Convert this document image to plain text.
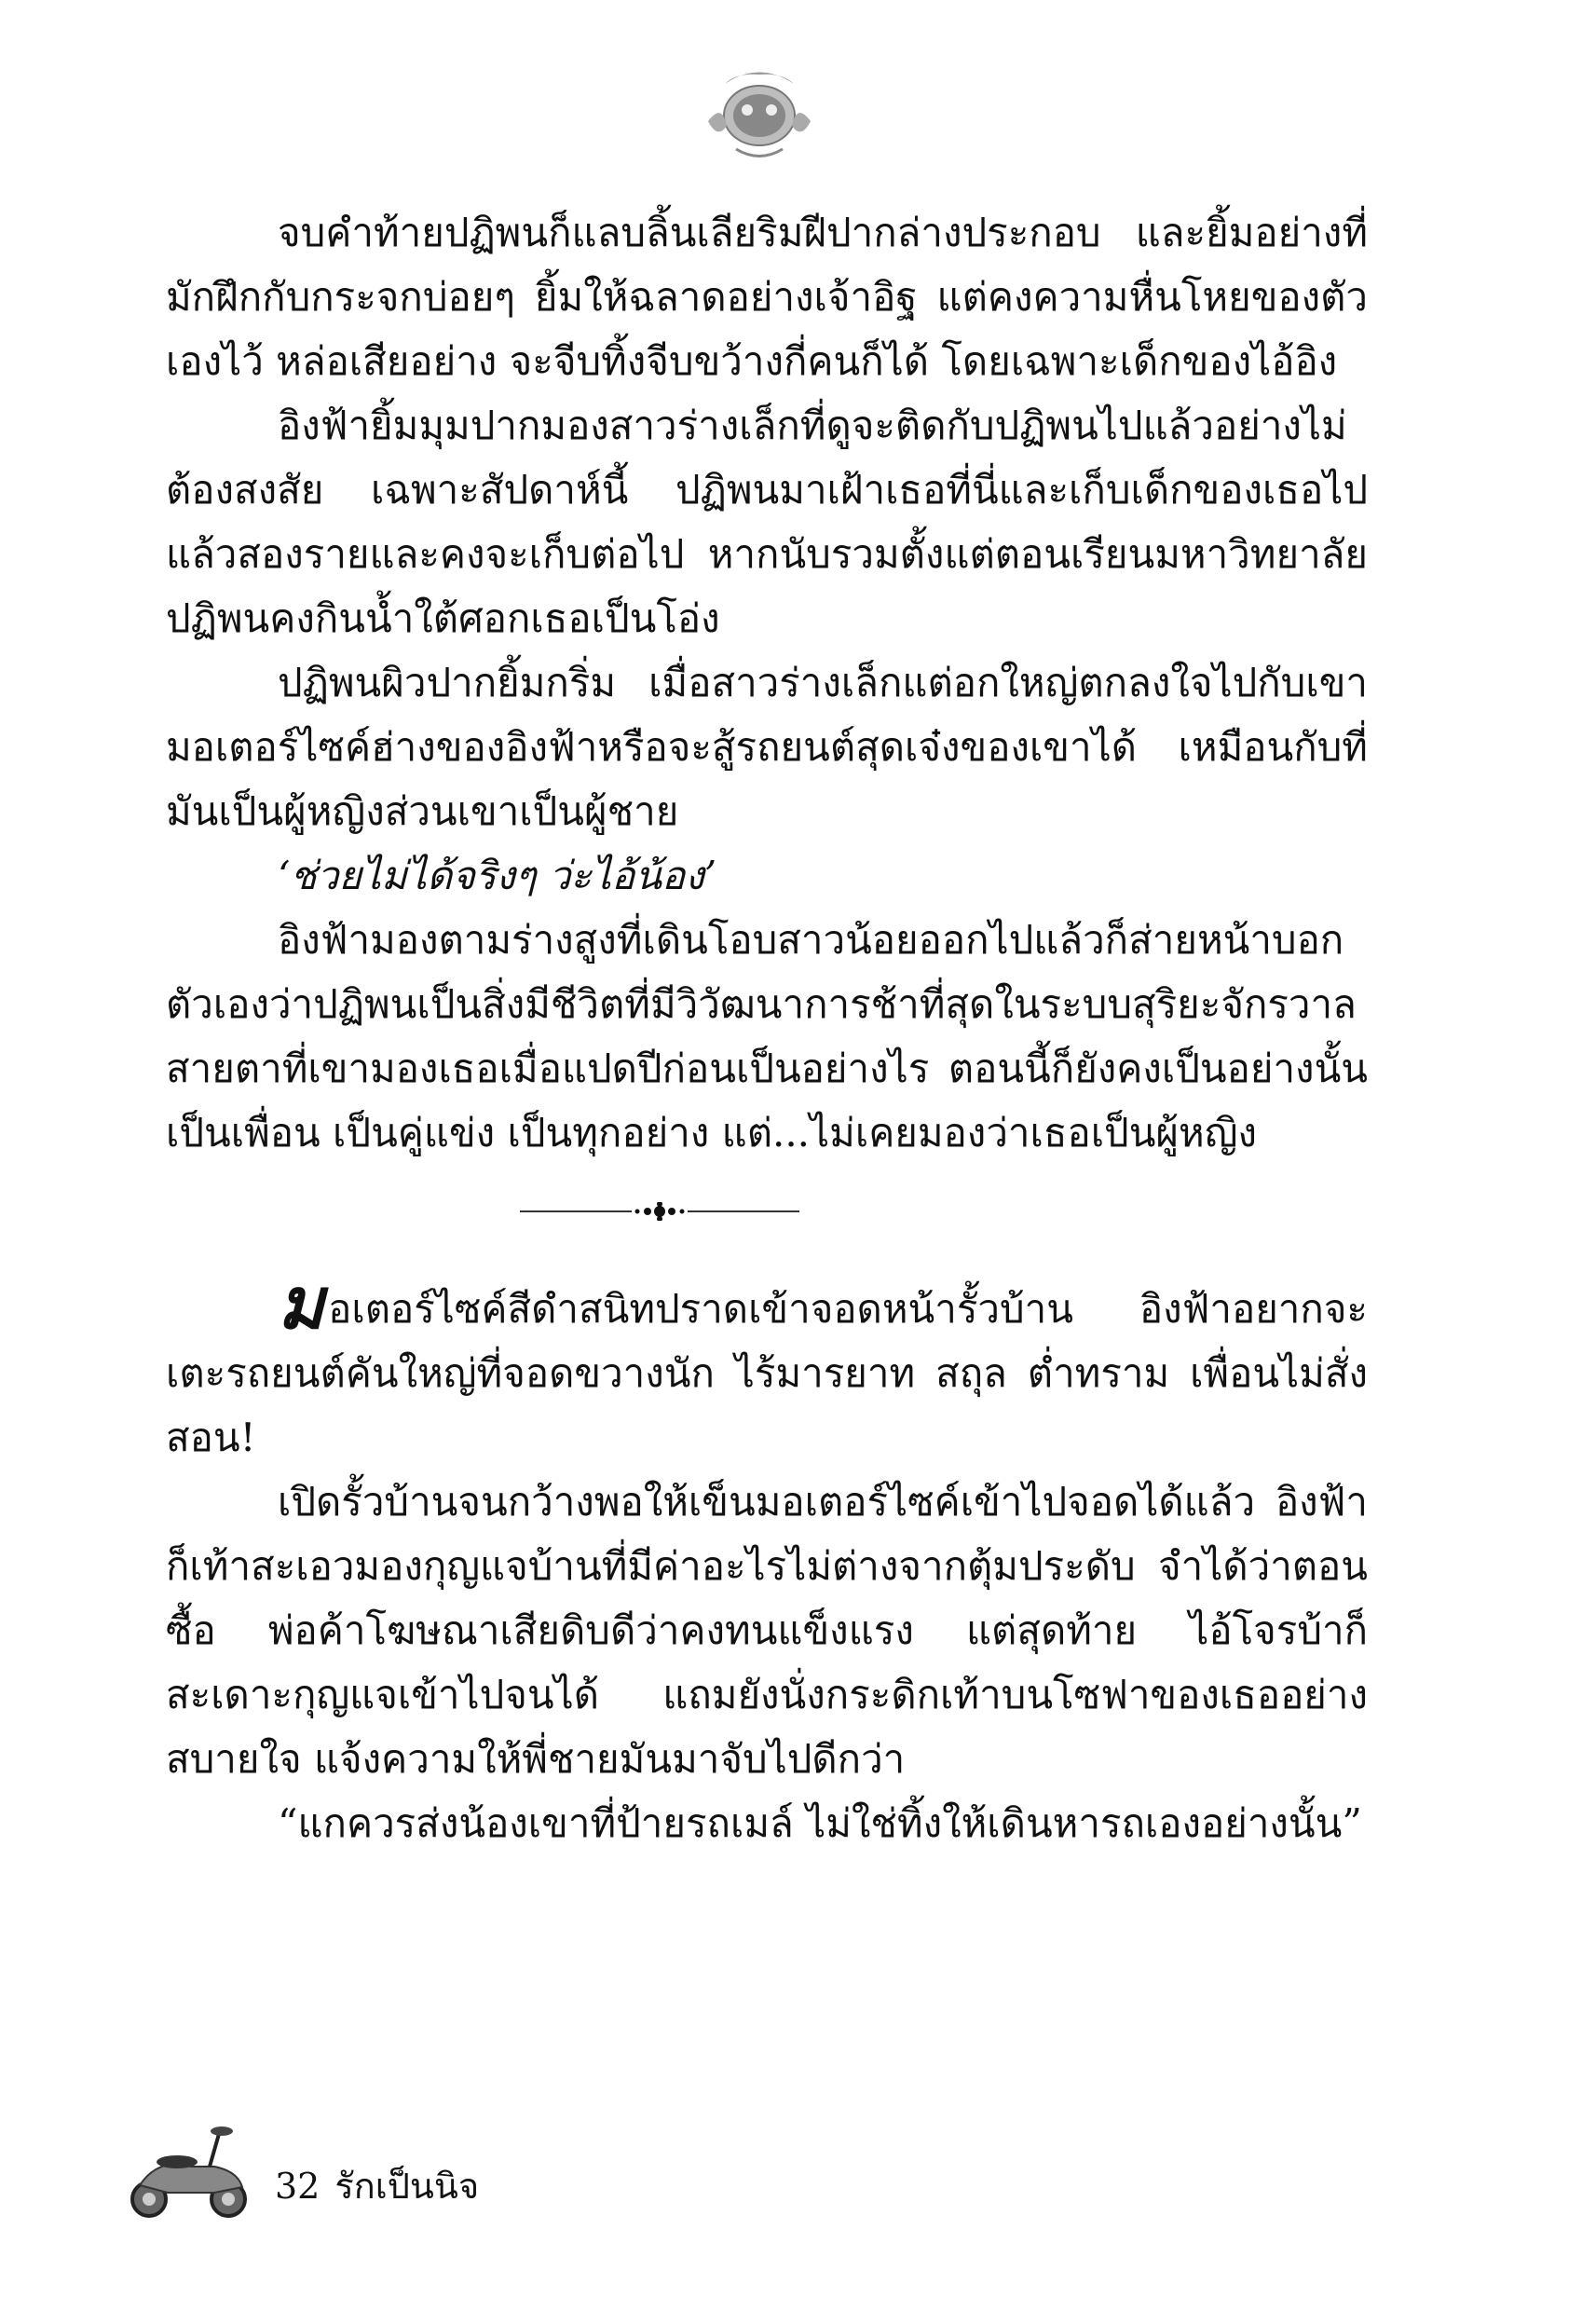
จบคำท้ายปฏิพนก็แลบลิ้นเลียริมฝีปากล่างประกอบ และยิ้มอย่างที่มักฝึกกับกระจกบ่อยๆ ยิ้มให้ฉลาดอย่างเจ้าอิฐ แต่คงความหื่นโหยของตัวเองไว้ หล่อเสียอย่าง จะจีบทิ้งจีบขว้างกี่คนก็ได้ โดยเฉพาะเด็กของไอ้อิง

อิงฟ้ายิ้มมุมปากมองสาวร่างเล็กที่ดูจะติดกับปฏิพนไปแล้วอย่างไม่ต้องสงสัย เฉพาะสัปดาห์นี้ ปฏิพนมาเฝ้าเธอที่นี่และเก็บเด็กของเธอไปแล้วสองรายและคงจะเก็บต่อไป หากนับรวมตั้งแต่ตอนเรียนมหาวิทยาลัย ปฏิพนคงกินน้ำใต้ศอกเธอเป็นโอ่ง

ปฏิพนผิวปากยิ้มกริ่ม เมื่อสาวร่างเล็กแต่อกใหญ่ตกลงใจไปกับเขา มอเตอร์ไซค์ฮ่างของอิงฟ้าหรือจะสู้รถยนต์สุดเจ๋งของเขาได้ เหมือนกับที่มันเป็นผู้หญิงส่วนเขาเป็นผู้ชาย

‘ช่วยไม่ได้จริงๆ ว่ะไอ้น้อง’

อิงฟ้ามองตามร่างสูงที่เดินโอบสาวน้อยออกไปแล้วก็ส่ายหน้าบอกตัวเองว่าปฏิพนเป็นสิ่งมีชีวิตที่มีวิวัฒนาการช้าที่สุดในระบบสุริยะจักรวาล สายตาที่เขามองเธอเมื่อแปดปีก่อนเป็นอย่างไร ตอนนี้ก็ยังคงเป็นอย่างนั้น เป็นเพื่อน เป็นคู่แข่ง เป็นทุกอย่าง แต่...ไม่เคยมองว่าเธอเป็นผู้หญิง

มอเตอร์ไซค์สีดำสนิทปราดเข้าจอดหน้ารั้วบ้าน อิงฟ้าอยากจะเตะรถยนต์คันใหญ่ที่จอดขวางนัก ไร้มารยาท สถุล ต่ำทราม เพื่อนไม่สั่งสอน!

เปิดรั้วบ้านจนกว้างพอให้เข็นมอเตอร์ไซค์เข้าไปจอดได้แล้ว อิงฟ้าก็เท้าสะเอวมองกุญแจบ้านที่มีค่าอะไรไม่ต่างจากตุ้มประดับ จำได้ว่าตอนซื้อ พ่อค้าโฆษณาเสียดิบดีว่าคงทนแข็งแรง แต่สุดท้าย ไอ้โจรบ้าก็สะเดาะกุญแจเข้าไปจนได้ แถมยังนั่งกระดิกเท้าบนโซฟาของเธออย่างสบายใจ แจ้งความให้พี่ชายมันมาจับไปดีกว่า

“แกควรส่งน้องเขาที่ป้ายรถเมล์ ไม่ใช่ทิ้งให้เดินหารถเองอย่างนั้น”

32 รักเป็นนิจ
